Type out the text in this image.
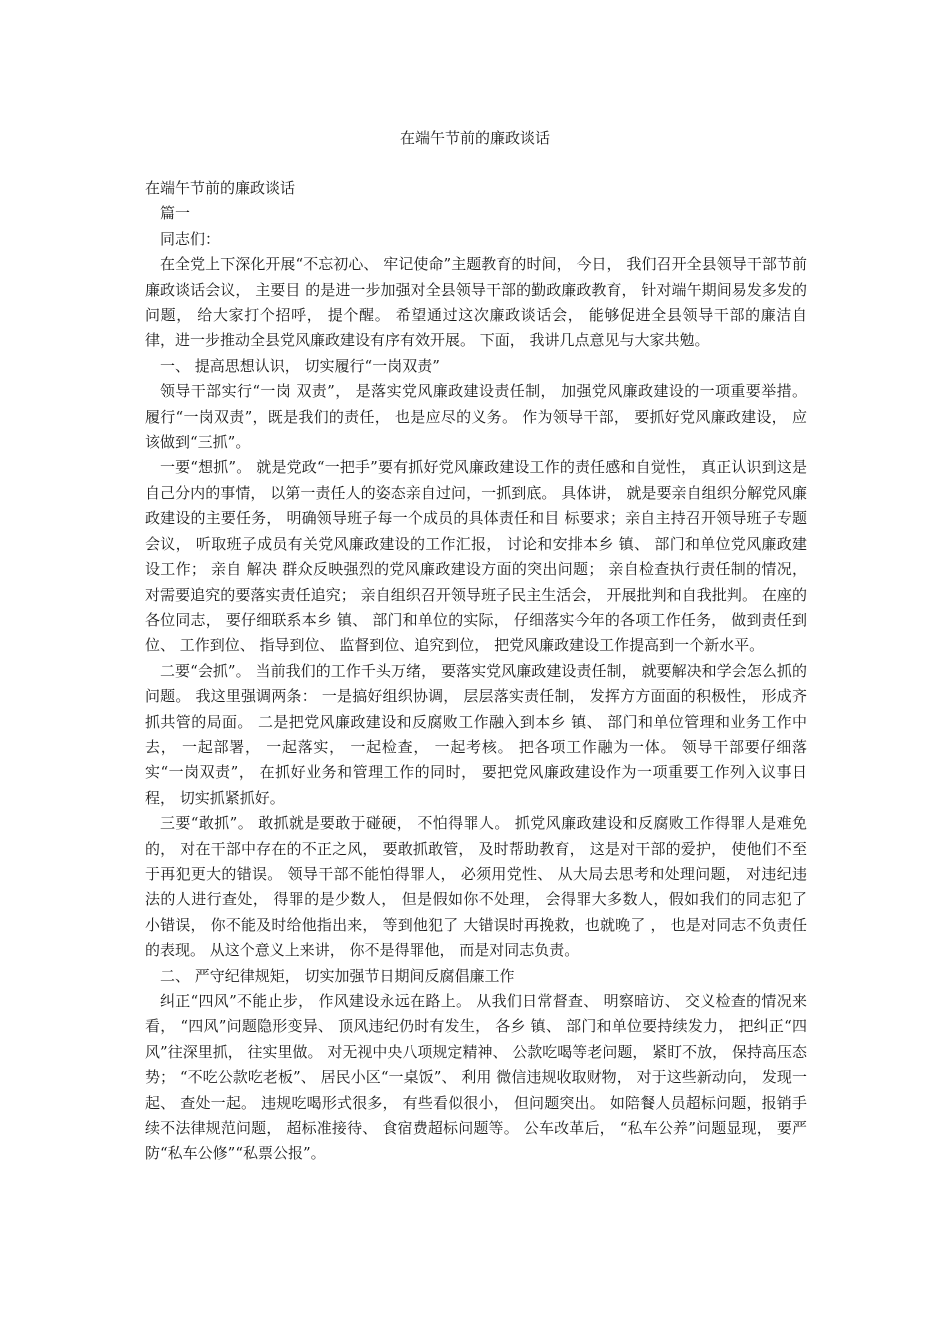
在端午节前的廉政谈话

在端午节前的廉政谈话

篇一

同志们：

在全党上下深化开展“不忘初心、 牢记使命”主题教育的时间， 今日， 我们召开全县领导干部节前廉政谈话会议， 主要目 的是进一步加强对全县领导干部的勤政廉政教育， 针对端午期间易发多发的问题， 给大家打个招呼， 提个醒。 希望通过这次廉政谈话会， 能够促进全县领导干部的廉洁自律，进一步推动全县党风廉政建设有序有效开展。 下面， 我讲几点意见与大家共勉。

一、 提高思想认识， 切实履行“一岗双责”

领导干部实行“一岗 双责”， 是落实党风廉政建设责任制， 加强党风廉政建设的一项重要举措。 履行“一岗双责”，既是我们的责任， 也是应尽的义务。 作为领导干部， 要抓好党风廉政建设， 应该做到“三抓”。

一要“想抓”。 就是党政“一把手”要有抓好党风廉政建设工作的责任感和自觉性， 真正认识到这是自己分内的事情， 以第一责任人的姿态亲自过问，一抓到底。 具体讲， 就是要亲自组织分解党风廉政建设的主要任务， 明确领导班子每一个成员的具体责任和目 标要求；亲自主持召开领导班子专题会议， 听取班子成员有关党风廉政建设的工作汇报， 讨论和安排本乡 镇、 部门和单位党风廉政建设工作； 亲自 解决 群众反映强烈的党风廉政建设方面的突出问题； 亲自检查执行责任制的情况， 对需要追究的要落实责任追究； 亲自组织召开领导班子民主生活会， 开展批判和自我批判。 在座的各位同志， 要仔细联系本乡 镇、 部门和单位的实际， 仔细落实今年的各项工作任务， 做到责任到位、 工作到位、 指导到位、 监督到位、追究到位， 把党风廉政建设工作提高到一个新水平。

二要“会抓”。 当前我们的工作千头万绪， 要落实党风廉政建设责任制， 就要解决和学会怎么抓的问题。 我这里强调两条： 一是搞好组织协调， 层层落实责任制， 发挥方方面面的积极性， 形成齐抓共管的局面。 二是把党风廉政建设和反腐败工作融入到本乡 镇、 部门和单位管理和业务工作中去， 一起部署， 一起落实， 一起检查， 一起考核。 把各项工作融为一体。 领导干部要仔细落实“一岗双责”， 在抓好业务和管理工作的同时， 要把党风廉政建设作为一项重要工作列入议事日程， 切实抓紧抓好。

三要“敢抓”。 敢抓就是要敢于碰硬， 不怕得罪人。 抓党风廉政建设和反腐败工作得罪人是难免的， 对在干部中存在的不正之风， 要敢抓敢管， 及时帮助教育， 这是对干部的爱护， 使他们不至于再犯更大的错误。 领导干部不能怕得罪人， 必须用党性、 从大局去思考和处理问题， 对违纪违法的人进行查处， 得罪的是少数人， 但是假如你不处理， 会得罪大多数人，假如我们的同志犯了 小错误， 你不能及时给他指出来， 等到他犯了 大错误时再挽救，也就晚了 ， 也是对同志不负责任的表现。 从这个意义上来讲， 你不是得罪他， 而是对同志负责。

二、 严守纪律规矩， 切实加强节日期间反腐倡廉工作

纠正“四风”不能止步， 作风建设永远在路上。 从我们日常督查、 明察暗访、 交义检查的情况来看， “四风”问题隐形变异、 顶风违纪仍时有发生， 各乡 镇、 部门和单位要持续发力， 把纠正“四风”往深里抓， 往实里做。 对无视中央八项规定精神、 公款吃喝等老问题， 紧盯不放， 保持高压态势； “不吃公款吃老板”、 居民小区“一桌饭”、 利用 微信违规收取财物， 对于这些新动向， 发现一起、 查处一起。 违规吃喝形式很多， 有些看似很小， 但问题突出。 如陪餐人员超标问题，报销手续不法律规范问题， 超标准接待、 食宿费超标问题等。 公车改革后， “私车公养”问题显现， 要严防“私车公修”“私票公报”。
